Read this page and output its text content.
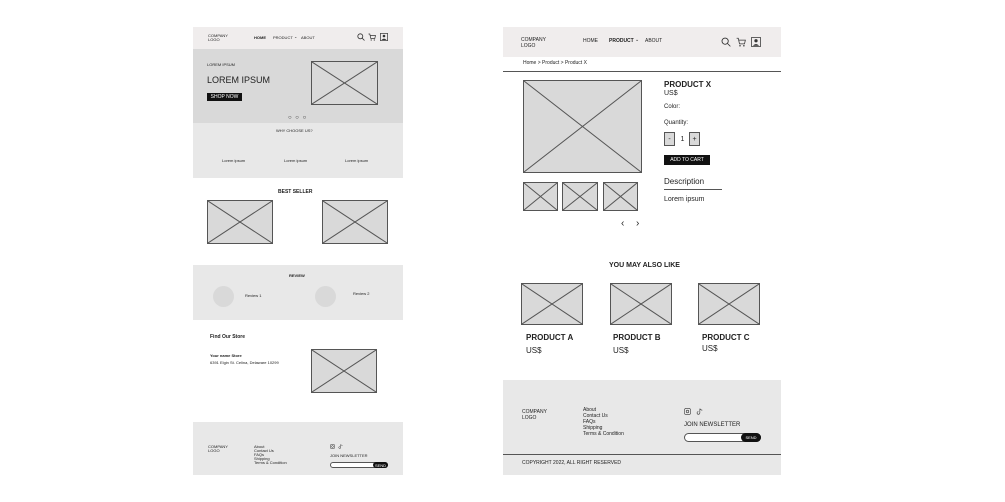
COMPANY
LOGO	HOME PRODUCT ⌄ ABOUT
LOREM IPSUM
LOREM IPSUM
SHOP NOW
○ ○ ○
WHY CHOOSE US?
Lorem ipsum	Lorem ipsum	Lorem ipsum
BEST SELLER
REVIEW
Review 1	Review 2
Find Our Store
Your name Store
6391 Elgin St. Celina, Delaware 10299
COMPANY
LOGO
About
Contact Us
FAQs
Shipping
Terms & Condition
JOIN NEWSLETTER
SEND
COMPANY
LOGO
HOME PRODUCT ⌄ ABOUT
Home > Product > Product X
‹ ›
PRODUCT X
US$
Color:
Quantity:
-	1	+
ADD TO CART
Description
Lorem ipsum
YOU MAY ALSO LIKE
PRODUCT A
US$
PRODUCT B
US$
PRODUCT C
US$
COMPANY
LOGO
About
Contact Us
FAQs
Shipping
Terms & Condition
JOIN NEWSLETTER
SEND
COPYRIGHT 2022, ALL RIGHT RESERVED
